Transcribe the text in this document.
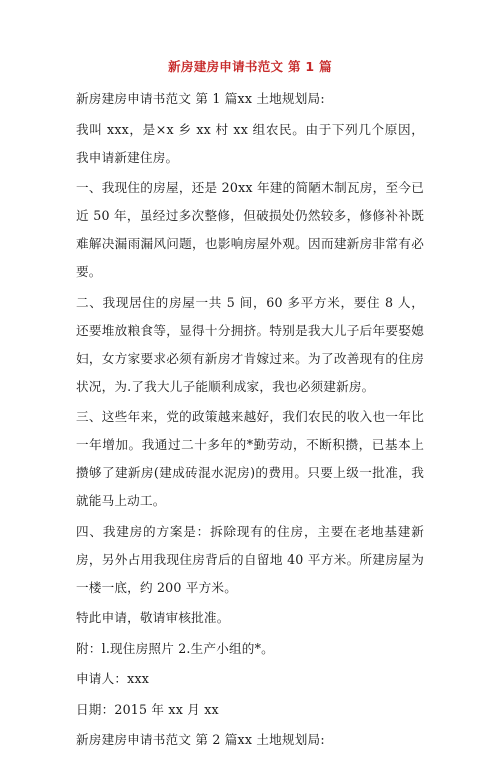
新房建房申请书范文 第 1 篇
新房建房申请书范文 第 1 篇xx 土地规划局:
我叫 xxx，是×x 乡 xx 村 xx 组农民。由于下列几个原因，我申请新建住房。
一、我现住的房屋，还是 20xx 年建的简陋木制瓦房，至今已近 50 年，虽经过多次整修，但破损处仍然较多，修修补补既难解决漏雨漏风问题，也影响房屋外观。因而建新房非常有必要。
二、我现居住的房屋一共 5 间，60 多平方米，要住 8 人，还要堆放粮食等，显得十分拥挤。特别是我大儿子后年要娶媳妇，女方家要求必须有新房才肯嫁过来。为了改善现有的住房状况，为.了我大儿子能顺利成家，我也必须建新房。
三、这些年来，党的政策越来越好，我们农民的收入也一年比一年增加。我通过二十多年的*勤劳动，不断积攒，已基本上攒够了建新房(建成砖混水泥房)的费用。只要上级一批准，我就能马上动工。
四、我建房的方案是：拆除现有的住房，主要在老地基建新房，另外占用我现住房背后的自留地 40 平方米。所建房屋为一楼一底，约 200 平方米。
特此申请，敬请审核批准。
附：l.现住房照片 2.生产小组的*。
申请人：xxx
日期：2015 年 xx 月 xx
新房建房申请书范文 第 2 篇xx 土地规划局:
